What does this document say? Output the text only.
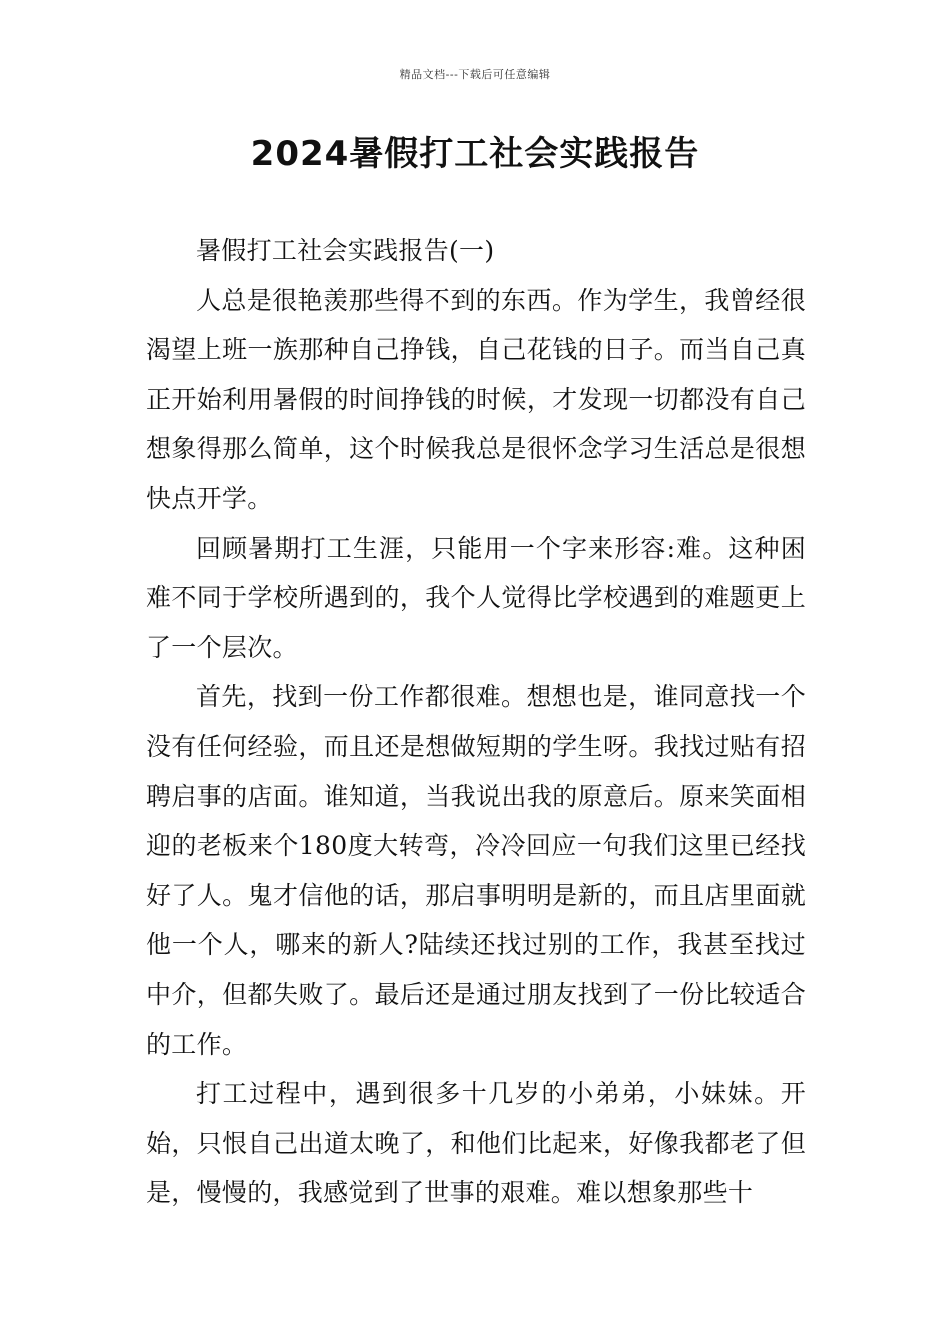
精品文档---下载后可任意编辑
2024暑假打工社会实践报告

暑假打工社会实践报告(一)

人总是很艳羡那些得不到的东西。作为学生，我曾经很渴望上班一族那种自己挣钱，自己花钱的日子。而当自己真正开始利用暑假的时间挣钱的时候，才发现一切都没有自己想象得那么简单，这个时候我总是很怀念学习生活总是很想快点开学。

回顾暑期打工生涯，只能用一个字来形容:难。这种困难不同于学校所遇到的，我个人觉得比学校遇到的难题更上了一个层次。

首先，找到一份工作都很难。想想也是，谁同意找一个没有任何经验，而且还是想做短期的学生呀。我找过贴有招聘启事的店面。谁知道，当我说出我的原意后。原来笑面相迎的老板来个180度大转弯，冷冷回应一句我们这里已经找好了人。鬼才信他的话，那启事明明是新的，而且店里面就他一个人，哪来的新人?陆续还找过别的工作，我甚至找过中介，但都失败了。最后还是通过朋友找到了一份比较适合的工作。

打工过程中，遇到很多十几岁的小弟弟，小妹妹。开始，只恨自己出道太晚了，和他们比起来，好像我都老了但是，慢慢的，我感觉到了世事的艰难。难以想象那些十
